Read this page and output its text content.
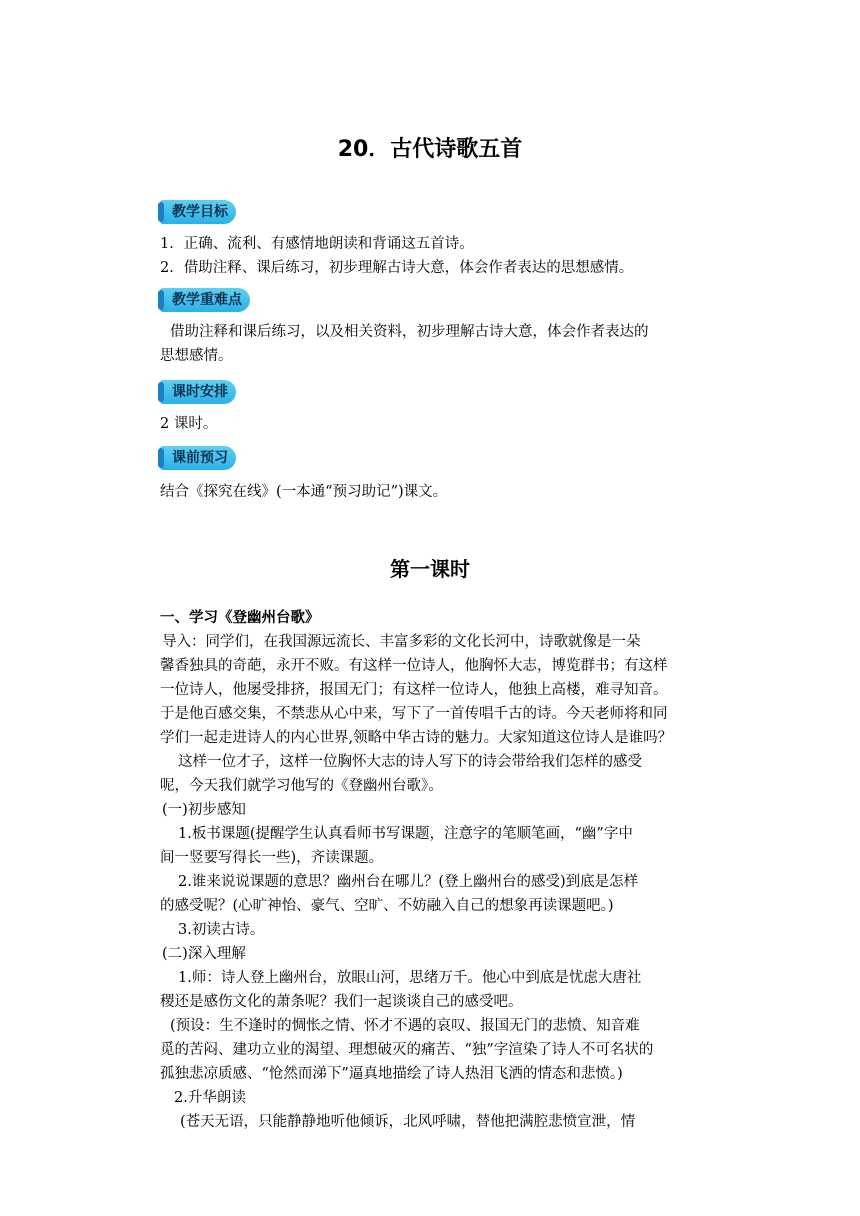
20．古代诗歌五首
教学目标
1．正确、流利、有感情地朗读和背诵这五首诗。
2．借助注释、课后练习，初步理解古诗大意，体会作者表达的思想感情。
教学重难点
借助注释和课后练习，以及相关资料，初步理解古诗大意，体会作者表达的
思想感情。
课时安排
2 课时。
课前预习
结合《探究在线》(一本通“预习助记”)课文。
第一课时
一、学习《登幽州台歌》
导入：同学们，在我国源远流长、丰富多彩的文化长河中，诗歌就像是一朵
馨香独具的奇葩，永开不败。有这样一位诗人，他胸怀大志，博览群书；有这样
一位诗人，他屡受排挤，报国无门；有这样一位诗人，他独上高楼，难寻知音。
于是他百感交集，不禁悲从心中来，写下了一首传唱千古的诗。今天老师将和同
学们一起走进诗人的内心世界,领略中华古诗的魅力。大家知道这位诗人是谁吗？
这样一位才子，这样一位胸怀大志的诗人写下的诗会带给我们怎样的感受
呢，今天我们就学习他写的《登幽州台歌》。
(一)初步感知
1.板书课题(提醒学生认真看师书写课题，注意字的笔顺笔画，“幽”字中
间一竖要写得长一些)，齐读课题。
2.谁来说说课题的意思？幽州台在哪儿？(登上幽州台的感受)到底是怎样
的感受呢？(心旷神怡、豪气、空旷、不妨融入自己的想象再读课题吧。)
3.初读古诗。
(二)深入理解
1.师：诗人登上幽州台，放眼山河，思绪万千。他心中到底是忧虑大唐社
稷还是感伤文化的萧条呢？我们一起谈谈自己的感受吧。
(预设：生不逢时的惆怅之情、怀才不遇的哀叹、报国无门的悲愤、知音难
觅的苦闷、建功立业的渴望、理想破灭的痛苦、“独”字渲染了诗人不可名状的
孤独悲凉质感、“怆然而涕下”逼真地描绘了诗人热泪飞洒的情态和悲愤。)
2.升华朗读
(苍天无语，只能静静地听他倾诉，北风呼啸，替他把满腔悲愤宣泄，情
